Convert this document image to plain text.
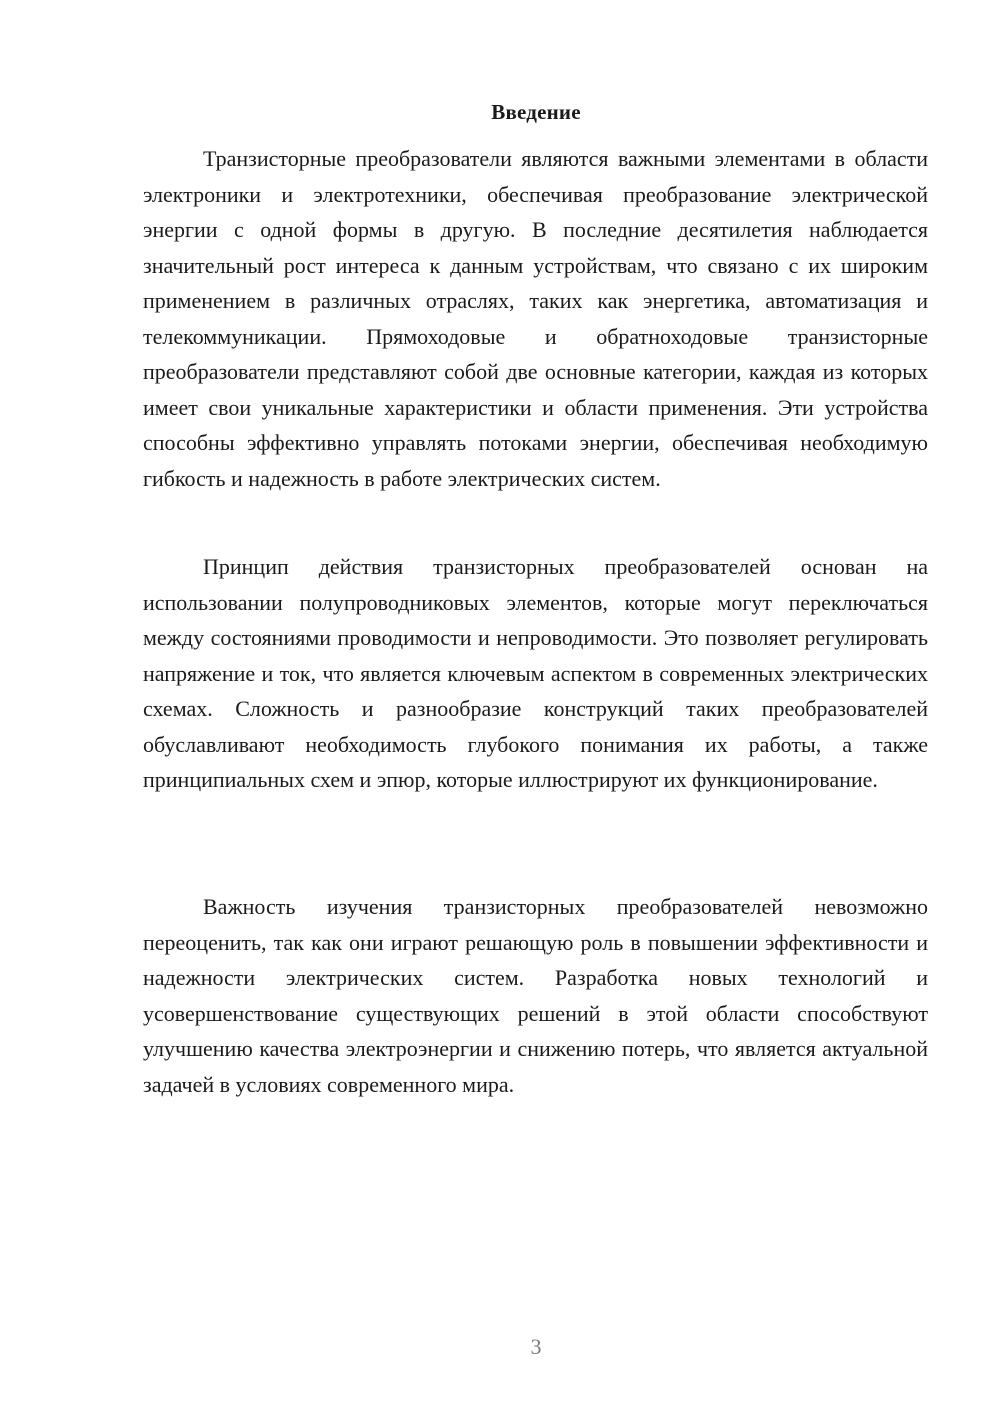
Введение

Транзисторные преобразователи являются важными элементами в области электроники и электротехники, обеспечивая преобразование электрической энергии с одной формы в другую. В последние десятилетия наблюдается значительный рост интереса к данным устройствам, что связано с их широким применением в различных отраслях, таких как энергетика, автоматизация и телекоммуникации. Прямоходовые и обратноходовые транзисторные преобразователи представляют собой две основные категории, каждая из которых имеет свои уникальные характеристики и области применения. Эти устройства способны эффективно управлять потоками энергии, обеспечивая необходимую гибкость и надежность в работе электрических систем.

Принцип действия транзисторных преобразователей основан на использовании полупроводниковых элементов, которые могут переключаться между состояниями проводимости и непроводимости. Это позволяет регулировать напряжение и ток, что является ключевым аспектом в современных электрических схемах. Сложность и разнообразие конструкций таких преобразователей обуславливают необходимость глубокого понимания их работы, а также принципиальных схем и эпюр, которые иллюстрируют их функционирование.

Важность изучения транзисторных преобразователей невозможно переоценить, так как они играют решающую роль в повышении эффективности и надежности электрических систем. Разработка новых технологий и усовершенствование существующих решений в этой области способствуют улучшению качества электроэнергии и снижению потерь, что является актуальной задачей в условиях современного мира.

3
